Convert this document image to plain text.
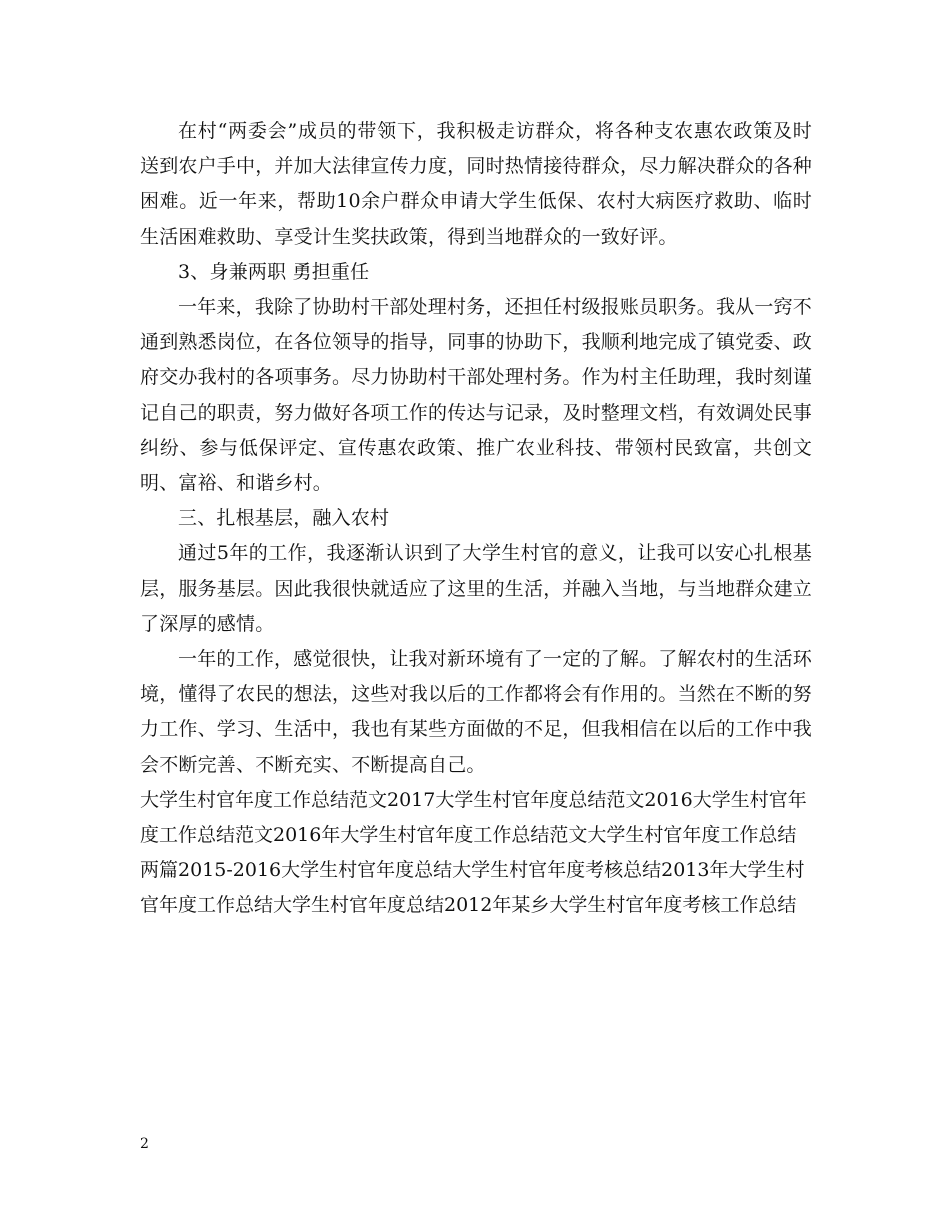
在村“两委会”成员的带领下，我积极走访群众，将各种支农惠农政策及时送到农户手中，并加大法律宣传力度，同时热情接待群众，尽力解决群众的各种困难。近一年来，帮助10余户群众申请大学生低保、农村大病医疗救助、临时生活困难救助、享受计生奖扶政策，得到当地群众的一致好评。

3、身兼两职 勇担重任

一年来，我除了协助村干部处理村务，还担任村级报账员职务。我从一窍不通到熟悉岗位，在各位领导的指导，同事的协助下，我顺利地完成了镇党委、政府交办我村的各项事务。尽力协助村干部处理村务。作为村主任助理，我时刻谨记自己的职责，努力做好各项工作的传达与记录，及时整理文档，有效调处民事纠纷、参与低保评定、宣传惠农政策、推广农业科技、带领村民致富，共创文明、富裕、和谐乡村。

三、扎根基层，融入农村

通过5年的工作，我逐渐认识到了大学生村官的意义，让我可以安心扎根基层，服务基层。因此我很快就适应了这里的生活，并融入当地，与当地群众建立了深厚的感情。

一年的工作，感觉很快，让我对新环境有了一定的了解。了解农村的生活环境，懂得了农民的想法，这些对我以后的工作都将会有作用的。当然在不断的努力工作、学习、生活中，我也有某些方面做的不足，但我相信在以后的工作中我会不断完善、不断充实、不断提高自己。

大学生村官年度工作总结范文2017大学生村官年度总结范文2016大学生村官年度工作总结范文2016年大学生村官年度工作总结范文大学生村官年度工作总结两篇2015-2016大学生村官年度总结大学生村官年度考核总结2013年大学生村官年度工作总结大学生村官年度总结2012年某乡大学生村官年度考核工作总结

2
